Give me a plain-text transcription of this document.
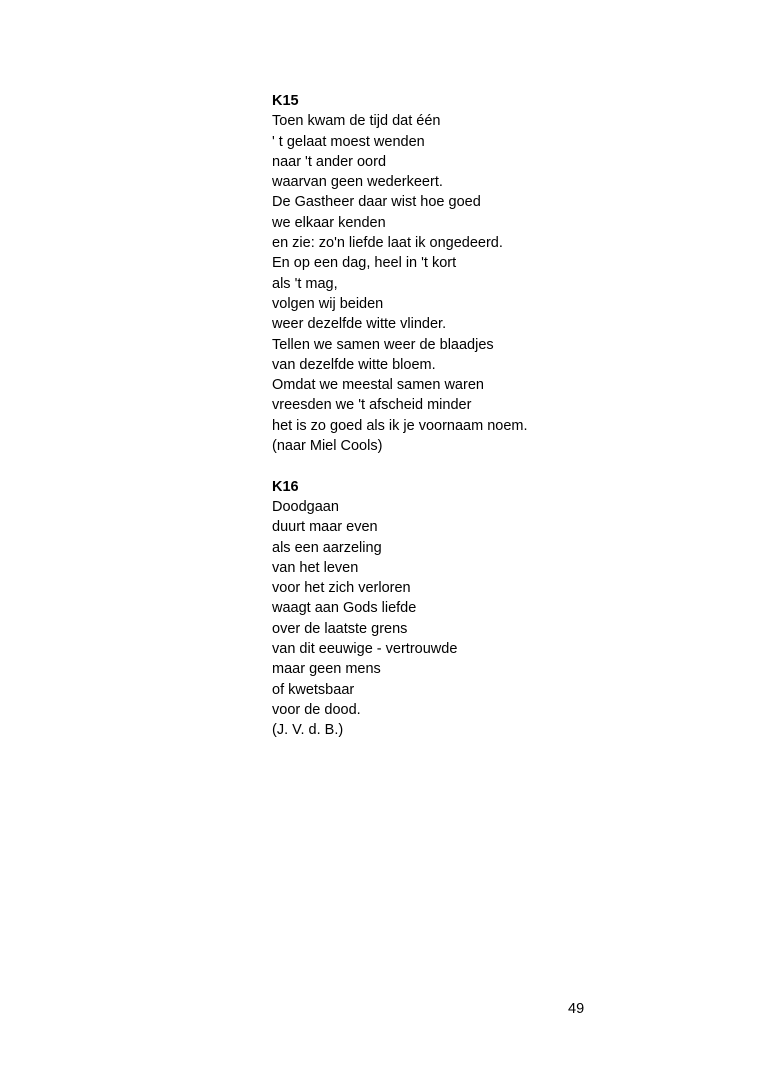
K15
Toen kwam de tijd dat één
' t gelaat moest wenden
naar 't ander oord
waarvan geen wederkeert.
De Gastheer daar wist hoe goed
we elkaar kenden
en zie: zo'n liefde laat ik ongedeerd.
En op een dag, heel in 't kort
als 't mag,
volgen wij beiden
weer dezelfde witte vlinder.
Tellen we samen weer de blaadjes
van dezelfde witte bloem.
Omdat we meestal samen waren
vreesden we 't afscheid minder
het is zo goed als ik je voornaam noem.
(naar Miel Cools)
K16
Doodgaan
duurt maar even
als een aarzeling
van het leven
voor het zich verloren
waagt aan Gods liefde
over de laatste grens
van dit eeuwige - vertrouwde
maar geen mens
of kwetsbaar
voor de dood.
(J. V. d. B.)
49
